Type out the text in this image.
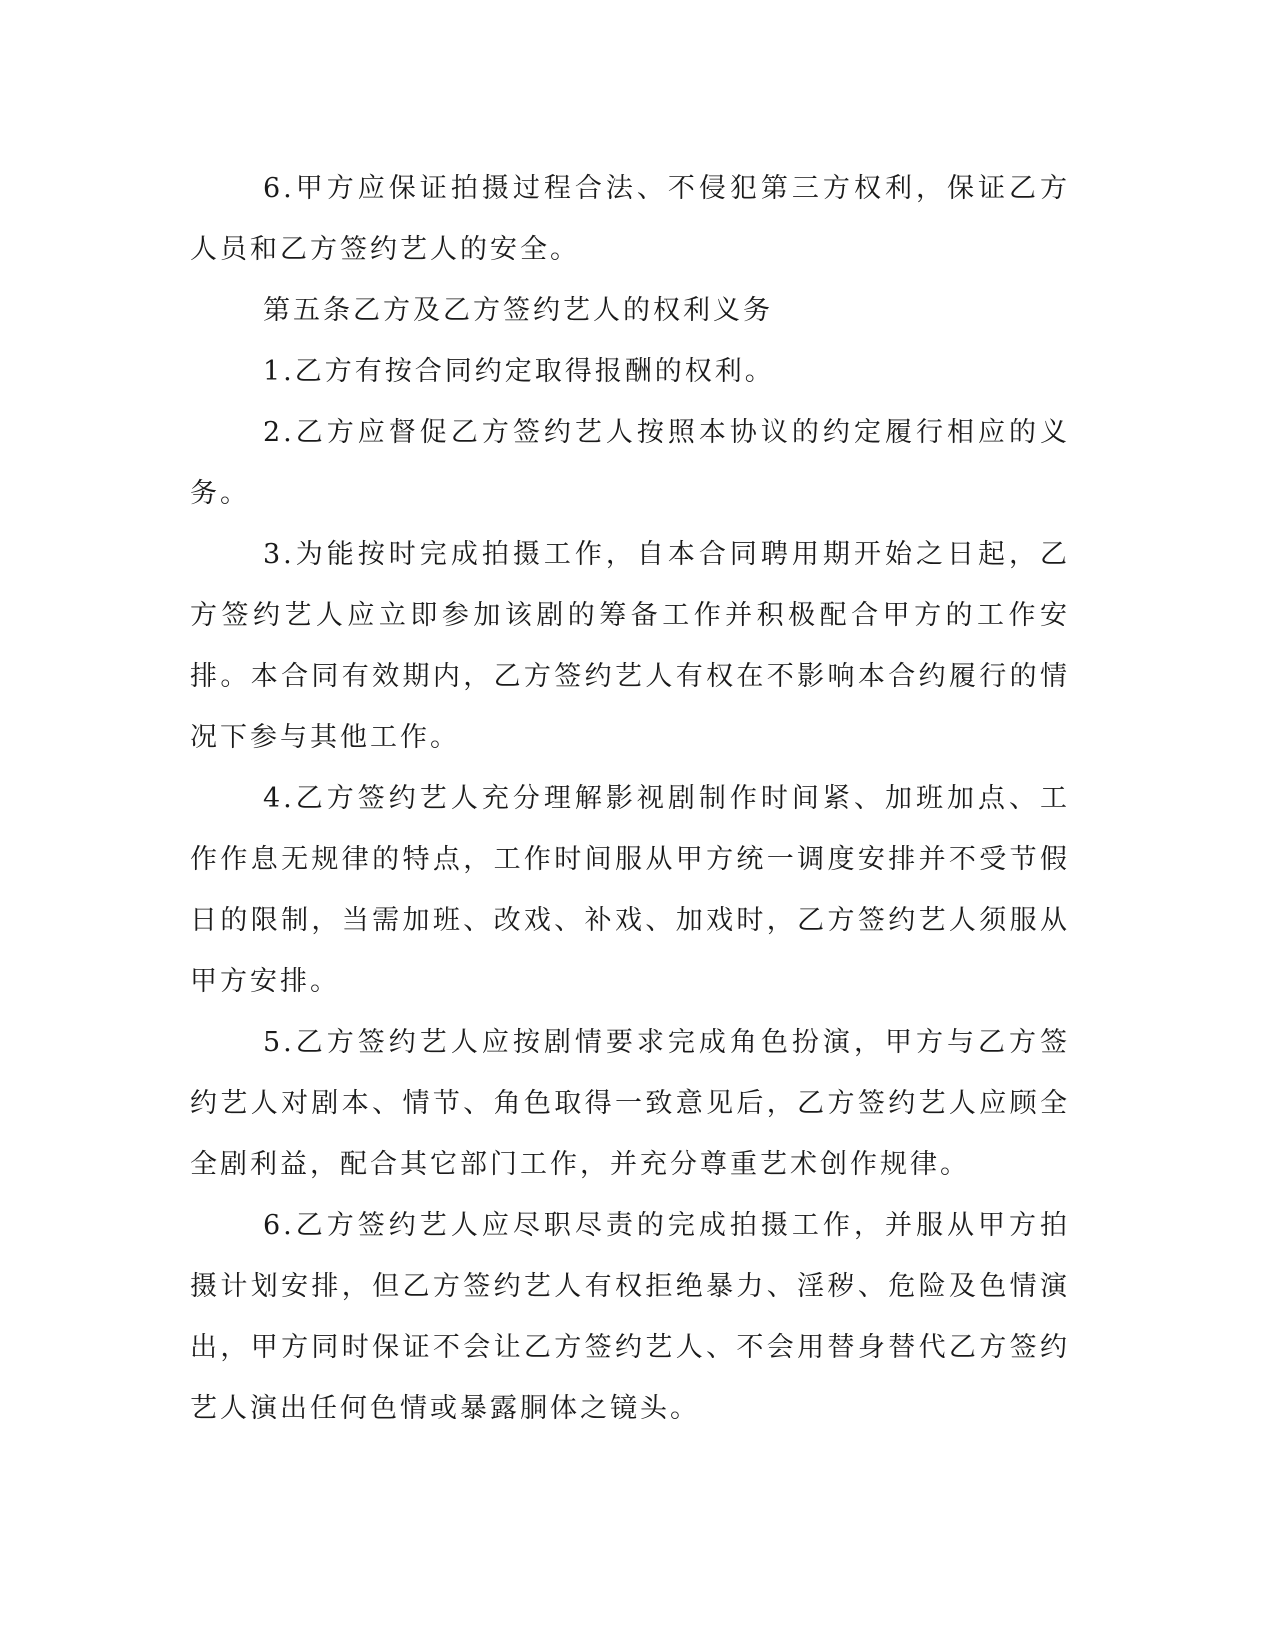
6.甲方应保证拍摄过程合法、不侵犯第三方权利，保证乙方人员和乙方签约艺人的安全。

第五条乙方及乙方签约艺人的权利义务

1.乙方有按合同约定取得报酬的权利。

2.乙方应督促乙方签约艺人按照本协议的约定履行相应的义务。

3.为能按时完成拍摄工作，自本合同聘用期开始之日起，乙方签约艺人应立即参加该剧的筹备工作并积极配合甲方的工作安排。本合同有效期内，乙方签约艺人有权在不影响本合约履行的情况下参与其他工作。

4.乙方签约艺人充分理解影视剧制作时间紧、加班加点、工作作息无规律的特点，工作时间服从甲方统一调度安排并不受节假日的限制，当需加班、改戏、补戏、加戏时，乙方签约艺人须服从甲方安排。

5.乙方签约艺人应按剧情要求完成角色扮演，甲方与乙方签约艺人对剧本、情节、角色取得一致意见后，乙方签约艺人应顾全全剧利益，配合其它部门工作，并充分尊重艺术创作规律。

6.乙方签约艺人应尽职尽责的完成拍摄工作，并服从甲方拍摄计划安排，但乙方签约艺人有权拒绝暴力、淫秽、危险及色情演出，甲方同时保证不会让乙方签约艺人、不会用替身替代乙方签约艺人演出任何色情或暴露胴体之镜头。
